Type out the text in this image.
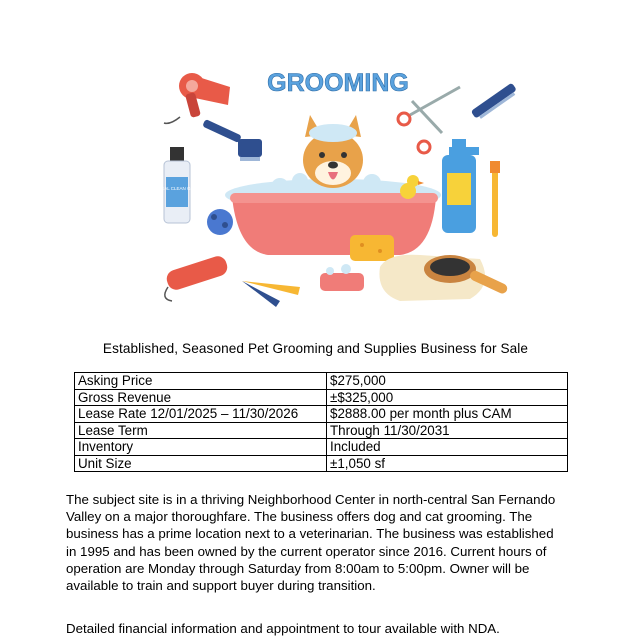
GROOMING
REAL CLEAN GEL
Established, Seasoned Pet Grooming and Supplies Business for Sale
Asking Price	$275,000
Gross Revenue	±$325,000
Lease Rate 12/01/2025 – 11/30/2026	$2888.00 per month plus CAM
Lease Term	Through 11/30/2031
Inventory	Included
Unit Size	±1,050 sf

The subject site is in a thriving Neighborhood Center in north-central San Fernando Valley on a major thoroughfare. The business offers dog and cat grooming. The business has a prime location next to a veterinarian. The business was established in 1995 and has been owned by the current operator since 2016. Current hours of operation are Monday through Saturday from 8:00am to 5:00pm. Owner will be available to train and support buyer during transition.

Detailed financial information and appointment to tour available with NDA.
